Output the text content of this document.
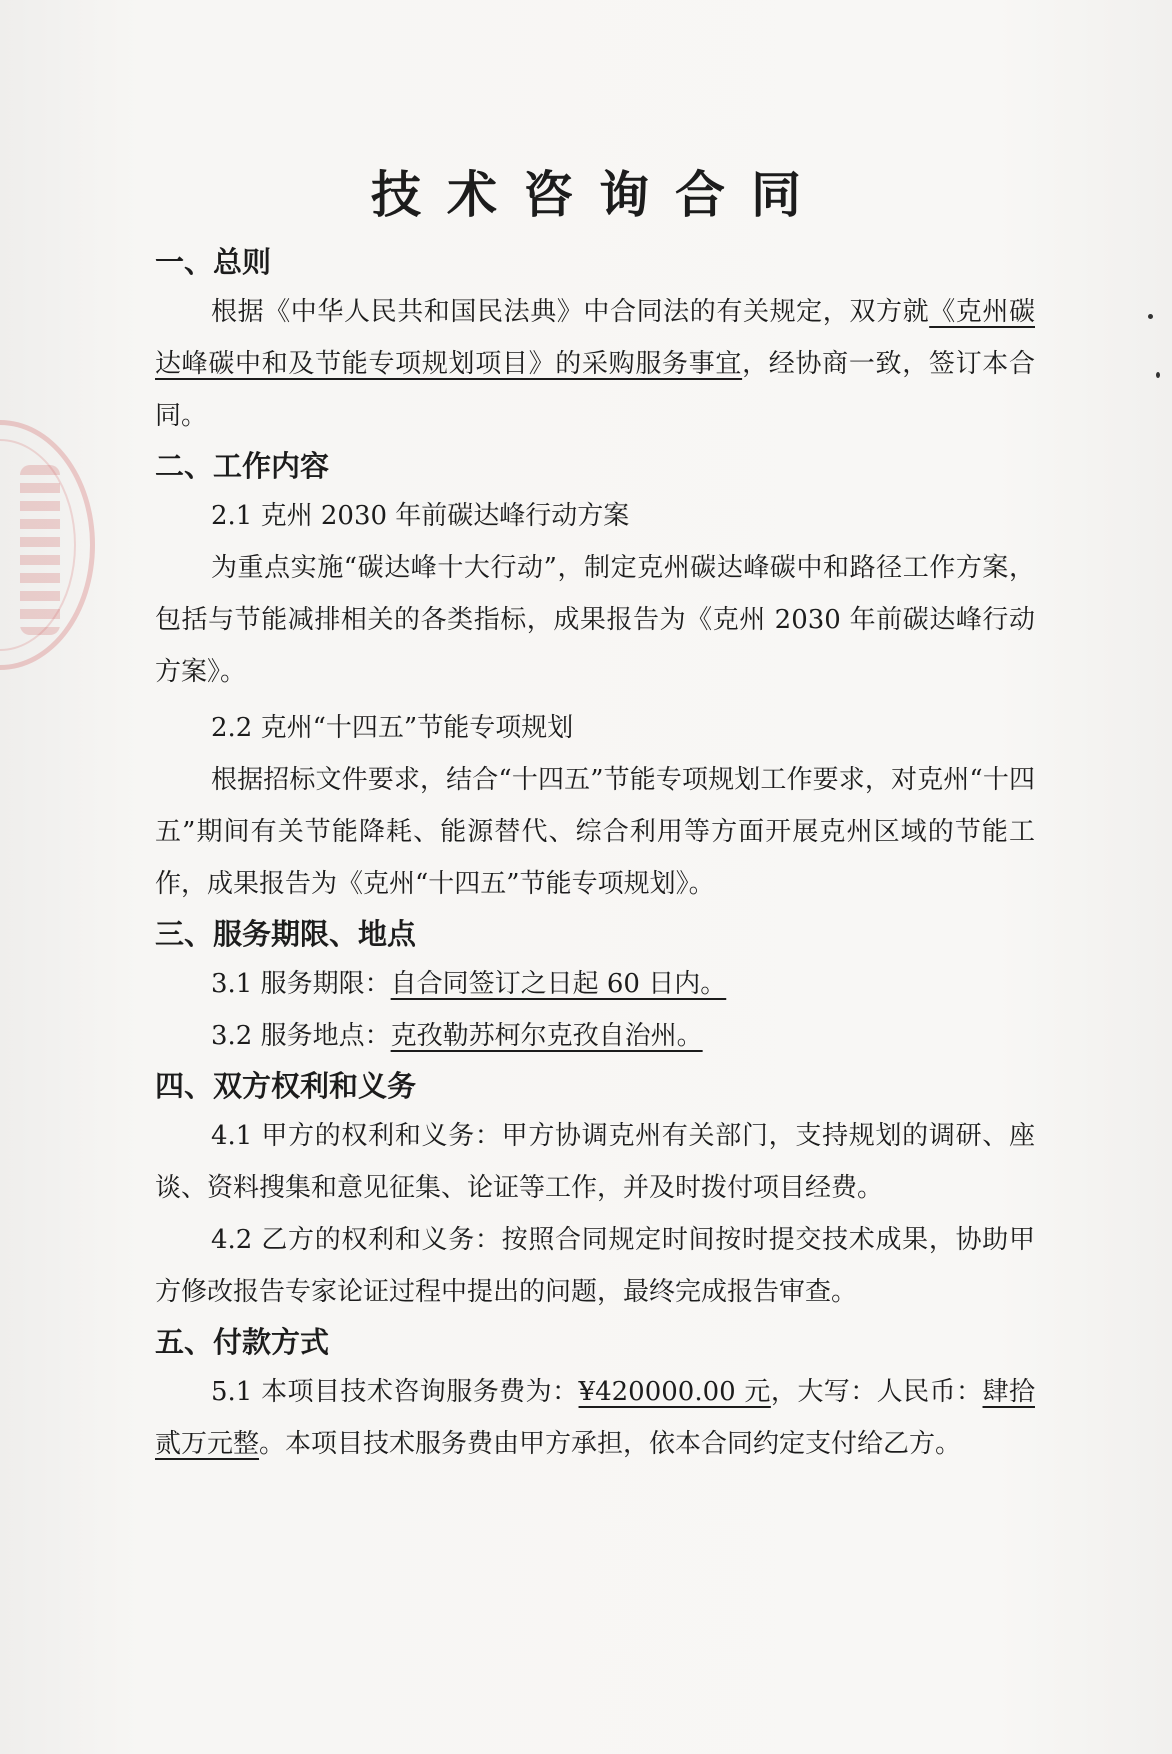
技术咨询合同
一、总则

根据《中华人民共和国民法典》中合同法的有关规定，双方就《克州碳达峰碳中和及节能专项规划项目》的采购服务事宜，经协商一致，签订本合同。

二、工作内容

2.1 克州 2030 年前碳达峰行动方案

为重点实施“碳达峰十大行动”，制定克州碳达峰碳中和路径工作方案，包括与节能减排相关的各类指标，成果报告为《克州 2030 年前碳达峰行动方案》。

2.2 克州“十四五”节能专项规划

根据招标文件要求，结合“十四五”节能专项规划工作要求，对克州“十四五”期间有关节能降耗、能源替代、综合利用等方面开展克州区域的节能工作，成果报告为《克州“十四五”节能专项规划》。

三、服务期限、地点

3.1 服务期限：自合同签订之日起 60 日内。

3.2 服务地点：克孜勒苏柯尔克孜自治州。

四、双方权利和义务

4.1 甲方的权利和义务：甲方协调克州有关部门，支持规划的调研、座谈、资料搜集和意见征集、论证等工作，并及时拨付项目经费。

4.2 乙方的权利和义务：按照合同规定时间按时提交技术成果，协助甲方修改报告专家论证过程中提出的问题，最终完成报告审查。

五、付款方式

5.1 本项目技术咨询服务费为：¥420000.00 元，大写：人民币：肆拾贰万元整。本项目技术服务费由甲方承担，依本合同约定支付给乙方。
